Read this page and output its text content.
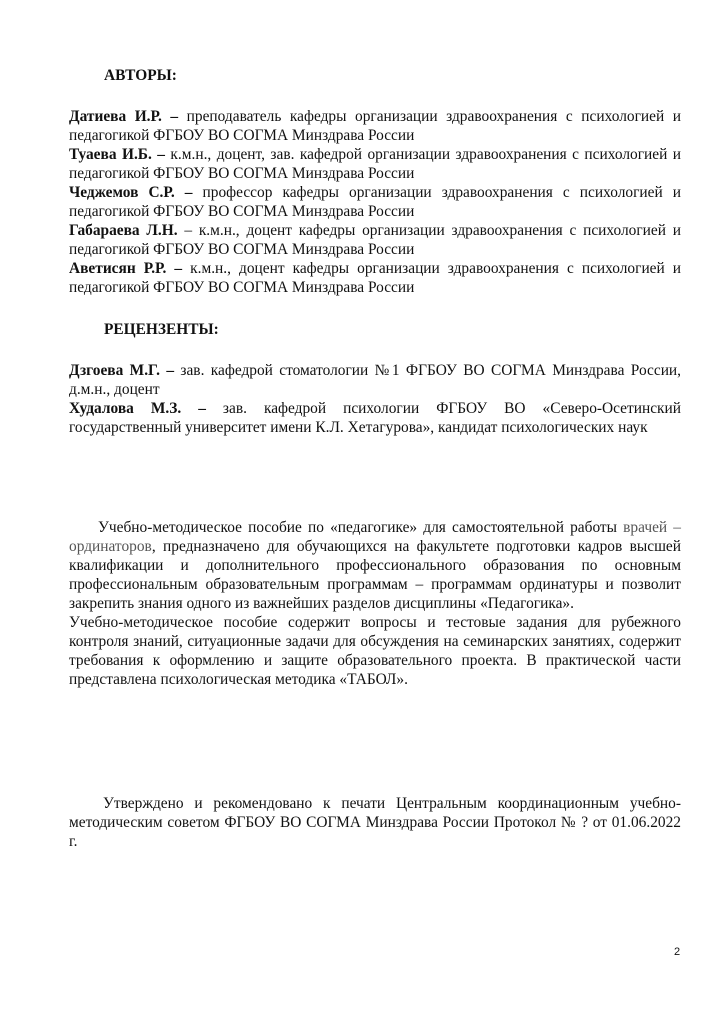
АВТОРЫ:

Датиева И.Р. – преподаватель кафедры организации здравоохранения с психологией и педагогикой ФГБОУ ВО СОГМА Минздрава России

Туаева И.Б. – к.м.н., доцент, зав. кафедрой организации здравоохранения с психологией и педагогикой ФГБОУ ВО СОГМА Минздрава России

Чеджемов С.Р. – профессор кафедры организации здравоохранения с психологией и педагогикой ФГБОУ ВО СОГМА Минздрава России

Габараева Л.Н. – к.м.н., доцент кафедры организации здравоохранения с психологией и педагогикой ФГБОУ ВО СОГМА Минздрава России

Аветисян Р.Р. – к.м.н., доцент кафедры организации здравоохранения с психологией и педагогикой ФГБОУ ВО СОГМА Минздрава России

РЕЦЕНЗЕНТЫ:

Дзгоева М.Г. – зав. кафедрой стоматологии №1 ФГБОУ ВО СОГМА Минздрава России, д.м.н., доцент

Худалова М.З. – зав. кафедрой психологии ФГБОУ ВО «Северо-Осетинский государственный университет имени К.Л. Хетагурова», кандидат психологических наук

Учебно-методическое пособие по «педагогике» для самостоятельной работы врачей – ординаторов, предназначено для обучающихся на факультете подготовки кадров высшей квалификации и дополнительного профессионального образования по основным профессиональным образовательным программам – программам ординатуры и позволит закрепить знания одного из важнейших разделов дисциплины «Педагогика».

Учебно-методическое пособие содержит вопросы и тестовые задания для рубежного контроля знаний, ситуационные задачи для обсуждения на семинарских занятиях, содержит требования к оформлению и защите образовательного проекта. В практической части представлена психологическая методика «ТАБОЛ».

Утверждено и рекомендовано к печати Центральным координационным учебно-методическим советом ФГБОУ ВО СОГМА Минздрава России Протокол № ? от 01.06.2022 г.

2
